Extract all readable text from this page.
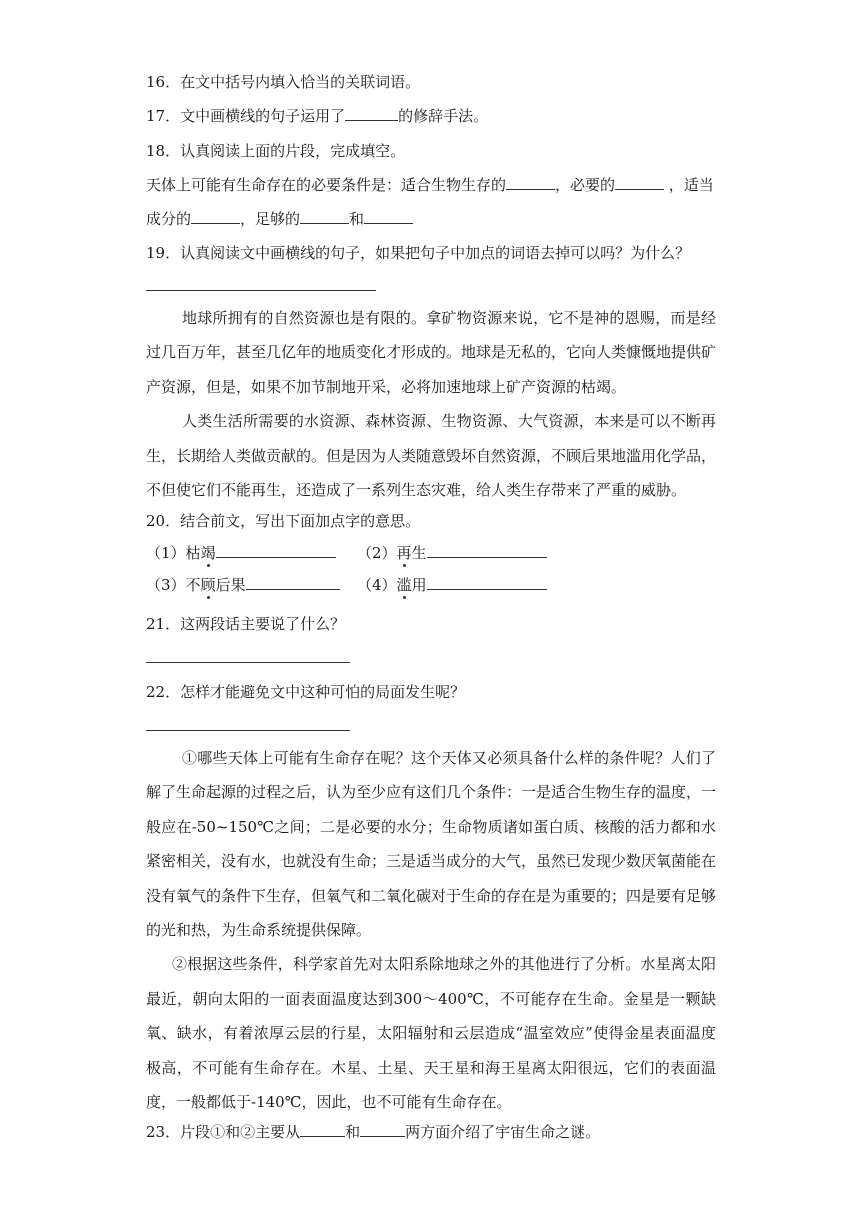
16．在文中括号内填入恰当的关联词语。
17．文中画横线的句子运用了	的修辞手法。
18．认真阅读上面的片段，完成填空。
天体上可能有生命存在的必要条件是：适合生物生存的	，必要的	，适当
成分的	，足够的	和
19．认真阅读文中画横线的句子，如果把句子中加点的词语去掉可以吗？为什么？

地球所拥有的自然资源也是有限的。拿矿物资源来说，它不是神的恩赐，而是经过几百万年，甚至几亿年的地质变化才形成的。地球是无私的，它向人类慷慨地提供矿产资源，但是，如果不加节制地开采，必将加速地球上矿产资源的枯竭。

人类生活所需要的水资源、森林资源、生物资源、大气资源，本来是可以不断再生，长期给人类做贡献的。但是因为人类随意毁坏自然资源，不顾后果地滥用化学品，不但使它们不能再生，还造成了一系列生态灾难，给人类生存带来了严重的威胁。

20．结合前文，写出下面加点字的意思。
（1）枯竭	（2）再生
（3）不顾后果	（4）滥用
21．这两段话主要说了什么？
22．怎样才能避免文中这种可怕的局面发生呢？

①哪些天体上可能有生命存在呢？这个天体又必须具备什么样的条件呢？人们了解了生命起源的过程之后，认为至少应有这们几个条件：一是适合生物生存的温度，一般应在-50~150℃之间；二是必要的水分；生命物质诸如蛋白质、核酸的活力都和水紧密相关，没有水，也就没有生命；三是适当成分的大气，虽然已发现少数厌氧菌能在没有氧气的条件下生存，但氧气和二氧化碳对于生命的存在是为重要的；四是要有足够的光和热，为生命系统提供保障。

②根据这些条件，科学家首先对太阳系除地球之外的其他进行了分析。水星离太阳最近，朝向太阳的一面表面温度达到300～400℃，不可能存在生命。金星是一颗缺氧、缺水，有着浓厚云层的行星，太阳辐射和云层造成“温室效应”使得金星表面温度极高，不可能有生命存在。木星、土星、天王星和海王星离太阳很远，它们的表面温度，一般都低于-140℃，因此，也不可能有生命存在。

23．片段①和②主要从	和	两方面介绍了宇宙生命之谜。
